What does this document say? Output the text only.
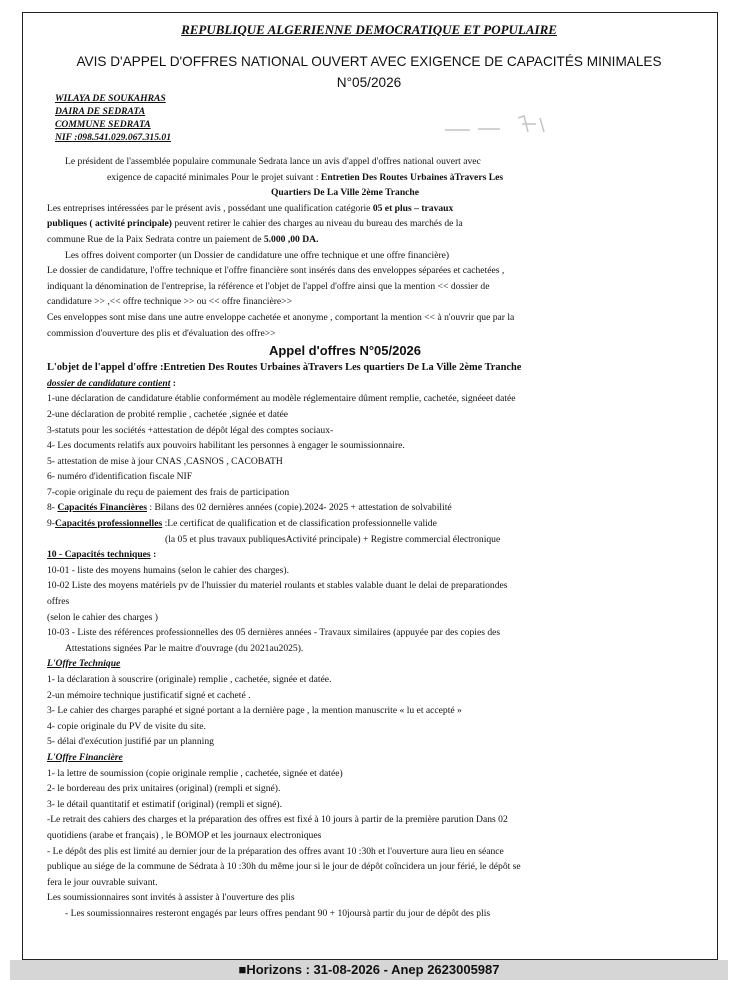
REPUBLIQUE ALGERIENNE DEMOCRATIQUE ET POPULAIRE
AVIS D'APPEL D'OFFRES NATIONAL OUVERT AVEC EXIGENCE DE CAPACITÉS MINIMALES
N°05/2026
WILAYA DE SOUKAHRAS
DAIRA DE SEDRATA
COMMUNE SEDRATA
NIF :098.541.029.067.315.01
Le président de l'assemblée populaire communale Sedrata lance un avis d'appel d'offres national ouvert avec
exigence de capacité minimales Pour le projet suivant : Entretien Des Routes Urbaines àTravers Les
Quartiers De La Ville 2ème Tranche
Les entreprises intéressées par le présent avis , possédant une qualification catégorie 05 et plus – travaux
publiques ( activité principale) peuvent retirer le cahier des charges au niveau du bureau des marchés de la
commune Rue de la Paix Sedrata contre un paiement de 5.000 ,00 DA.
Les offres doivent comporter (un Dossier de candidature une offre technique et une offre financière)
Le dossier de candidature, l'offre technique et l'offre financière sont insérés dans des enveloppes séparées et cachetées ,
indiquant la dénomination de l'entreprise, la référence et l'objet de l'appel d'offre ainsi que la mention << dossier de
candidature >> ,<< offre technique >> ou << offre financière>>
Ces enveloppes sont mise dans une autre enveloppe cachetée et anonyme , comportant la mention << à n'ouvrir que par la
commission d'ouverture des plis et d'évaluation des offre>>
Appel d'offres N°05/2026
L'objet de l'appel d'offre :Entretien Des Routes Urbaines àTravers Les quartiers De La Ville 2ème Tranche
dossier de candidature contient :
1-une déclaration de candidature établie conformément au modèle réglementaire dûment remplie, cachetée, signéeet datée
2-une déclaration de probité remplie , cachetée ,signée et datée
3-statuts pour les sociétés +attestation de dépôt légal des comptes sociaux-
4- Les documents relatifs aux pouvoirs habilitant les personnes à engager le soumissionnaire.
5- attestation de mise à jour CNAS ,CASNOS , CACOBATH
6- numéro d'identification fiscale NIF
7-copie originale du reçu de paiement des frais de participation
8- Capacités Financières : Bilans des 02 dernières années (copie).2024- 2025 + attestation de solvabilité
9-Capacités professionnelles :Le certificat de qualification et de classification professionnelle valide
(la 05 et plus travaux publiquesActivité principale) + Registre commercial électronique
10 - Capacités techniques :
10-01 - liste des moyens humains (selon le cahier des charges).
10-02 Liste des moyens matériels pv de l'huissier du materiel roulants et stables valable duant le delai de preparationdes
offres
(selon le cahier des charges )
10-03 - Liste des références professionnelles des 05 dernières années - Travaux similaires (appuyée par des copies des
Attestations signées Par le maitre d'ouvrage (du 2021au2025).
L'Offre Technique
1- la déclaration à souscrire (originale) remplie , cachetée, signée et datée.
2-un mémoire technique justificatif signé et cacheté .
3- Le cahier des charges paraphé et signé portant a la dernière page , la mention manuscrite « lu et accepté »
4- copie originale du PV de visite du site.
5- délai d'exécution justifié par un planning
L'Offre Financière
1- la lettre de soumission (copie originale remplie , cachetée, signée et datée)
2- le bordereau des prix unitaires (original) (rempli et signé).
3- le détail quantitatif et estimatif (original) (rempli et signé).
-Le retrait des cahiers des charges et la préparation des offres est fixé à 10 jours à partir de la première parution Dans 02
quotidiens (arabe et français) , le BOMOP et les journaux electroniques
- Le dépôt des plis est limité au dernier jour de la préparation des offres avant 10 :30h et l'ouverture aura lieu en séance
publique au siége de la commune de Sédrata à 10 :30h du même jour si le jour de dépôt coîncidera un jour férié, le dépôt se
fera le jour ouvrable suivant.
Les soumissionnaires sont invités à assister à l'ouverture des plis
- Les soumissionnaires resteront engagés par leurs offres pendant 90 + 10joursà partir du jour de dépôt des plis
■Horizons : 31-08-2026 - Anep 2623005987
